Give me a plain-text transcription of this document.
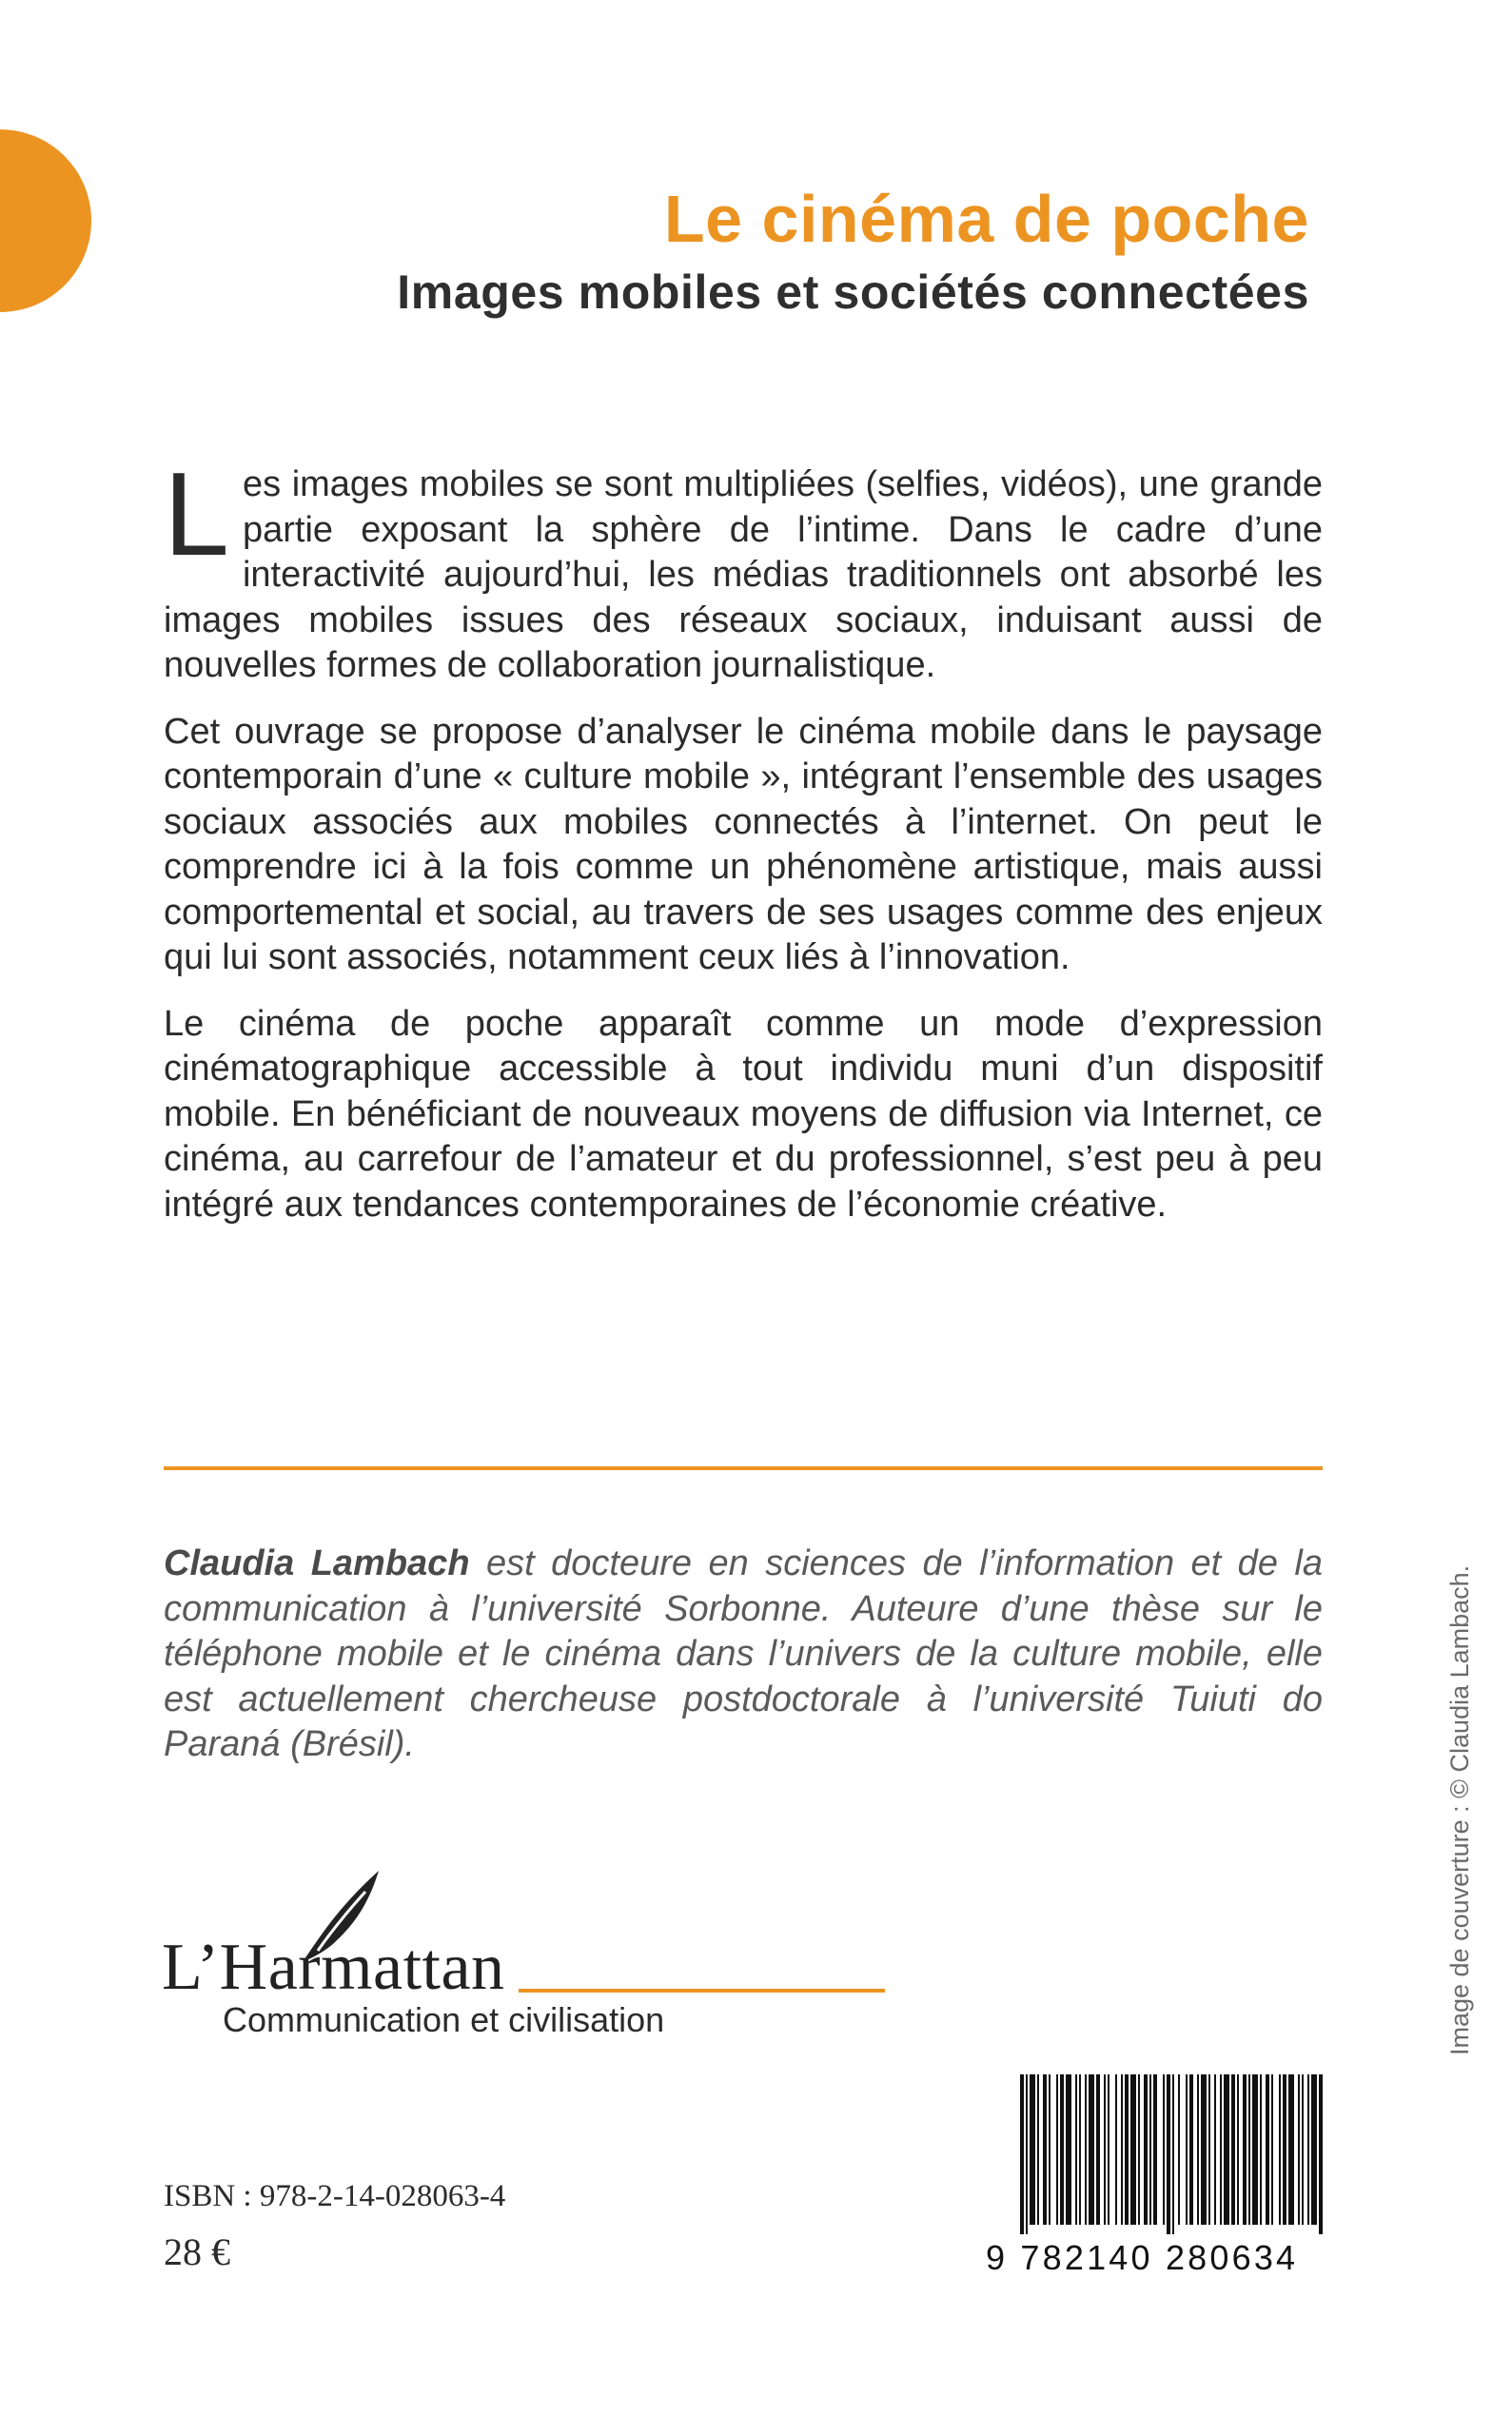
Le cinéma de poche
Images mobiles et sociétés connectées

Les images mobiles se sont multipliées (selfies, vidéos), une grande partie exposant la sphère de l’intime. Dans le cadre d’une interactivité aujourd’hui, les médias traditionnels ont absorbé les images mobiles issues des réseaux sociaux, induisant aussi de nouvelles formes de collaboration journalistique.

Cet ouvrage se propose d’analyser le cinéma mobile dans le paysage contemporain d’une « culture mobile », intégrant l’ensemble des usages sociaux associés aux mobiles connectés à l’internet. On peut le comprendre ici à la fois comme un phénomène artistique, mais aussi comportemental et social, au travers de ses usages comme des enjeux qui lui sont associés, notamment ceux liés à l’innovation.

Le cinéma de poche apparaît comme un mode d’expression cinématographique accessible à tout individu muni d’un dispositif mobile. En bénéficiant de nouveaux moyens de diffusion via Internet, ce cinéma, au carrefour de l’amateur et du professionnel, s’est peu à peu intégré aux tendances contemporaines de l’économie créative.

Claudia Lambach est docteure en sciences de l’information et de la communication à l’université Sorbonne. Auteure d’une thèse sur le téléphone mobile et le cinéma dans l’univers de la culture mobile, elle est actuellement chercheuse postdoctorale à l’université Tuiuti do Paraná (Brésil).	Image de couverture : © Claudia Lambach.
L’Harmattan
Communication et civilisation
ISBN : 978-2-14-028063-4
28 €	9 782140 280634
